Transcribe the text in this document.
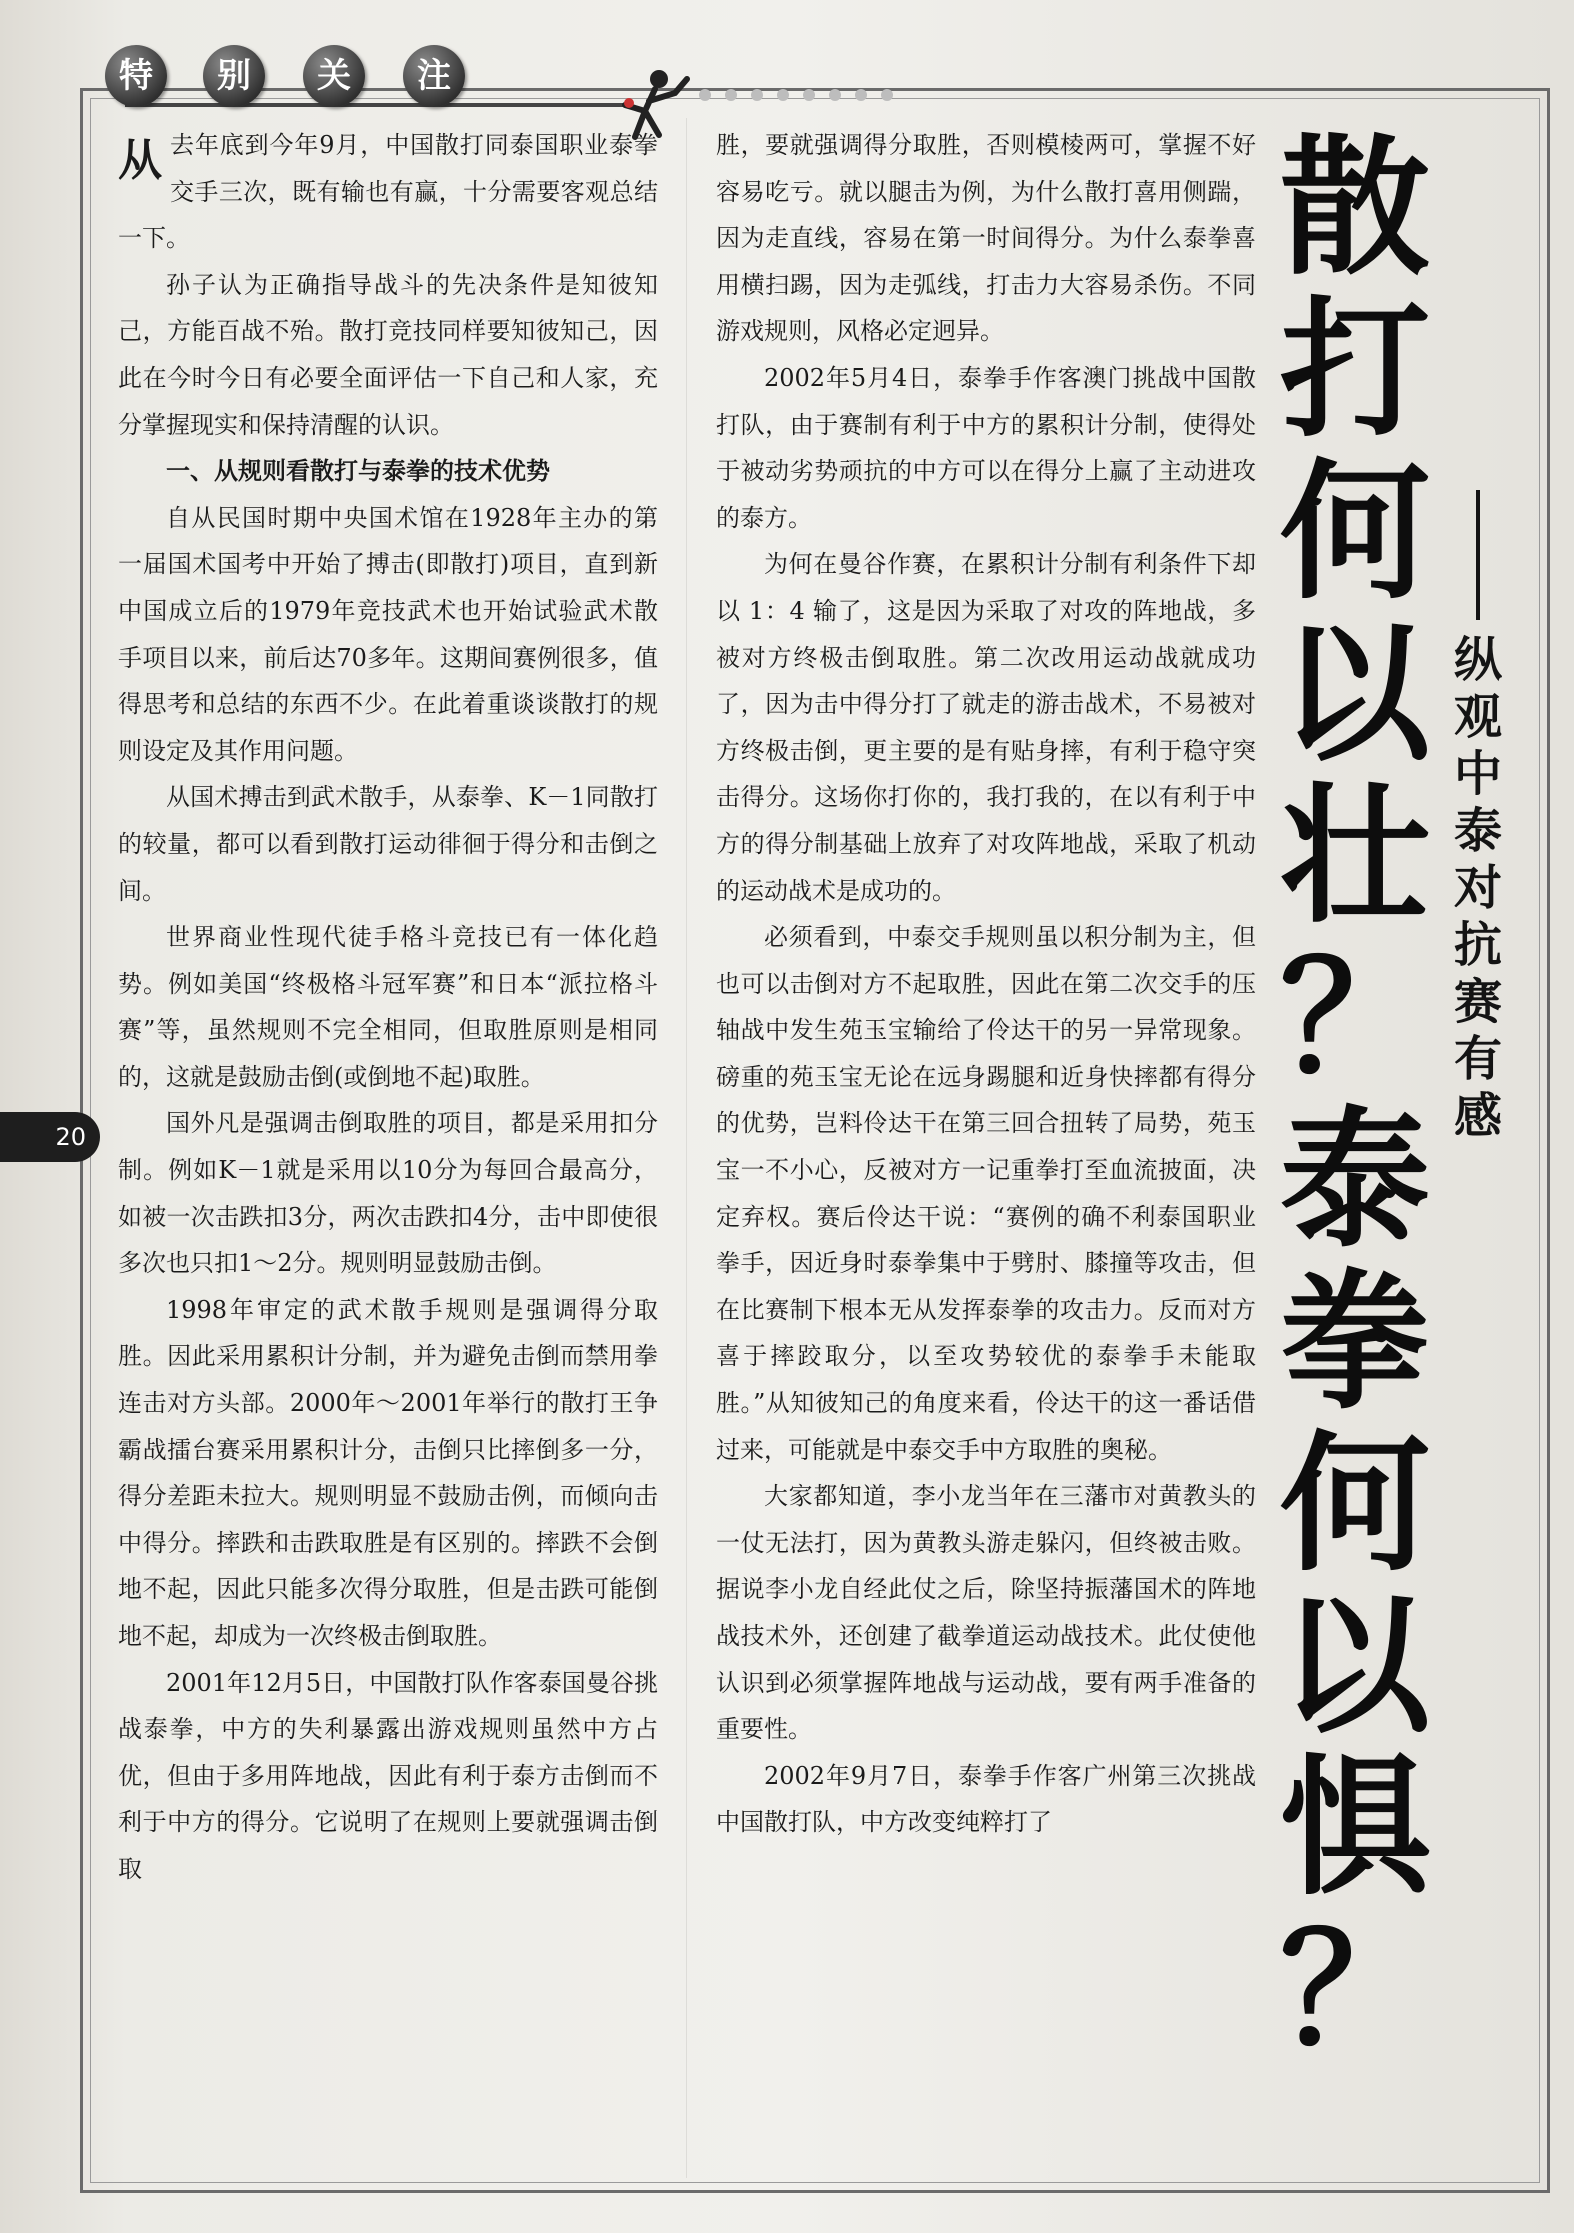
特	别	关	注
20

从去年底到今年9月，中国散打同泰国职业泰拳交手三次，既有输也有赢，十分需要客观总结一下。

孙子认为正确指导战斗的先决条件是知彼知己，方能百战不殆。散打竞技同样要知彼知己，因此在今时今日有必要全面评估一下自己和人家，充分掌握现实和保持清醒的认识。

一、从规则看散打与泰拳的技术优势

自从民国时期中央国术馆在1928年主办的第一届国术国考中开始了搏击(即散打)项目，直到新中国成立后的1979年竞技武术也开始试验武术散手项目以来，前后达70多年。这期间赛例很多，值得思考和总结的东西不少。在此着重谈谈散打的规则设定及其作用问题。

从国术搏击到武术散手，从泰拳、K－1同散打的较量，都可以看到散打运动徘徊于得分和击倒之间。

世界商业性现代徒手格斗竞技已有一体化趋势。例如美国“终极格斗冠军赛”和日本“派拉格斗赛”等，虽然规则不完全相同，但取胜原则是相同的，这就是鼓励击倒(或倒地不起)取胜。

国外凡是强调击倒取胜的项目，都是采用扣分制。例如K－1就是采用以10分为每回合最高分，如被一次击跌扣3分，两次击跌扣4分，击中即使很多次也只扣1～2分。规则明显鼓励击倒。

1998年审定的武术散手规则是强调得分取胜。因此采用累积计分制，并为避免击倒而禁用拳连击对方头部。2000年～2001年举行的散打王争霸战擂台赛采用累积计分，击倒只比摔倒多一分，得分差距未拉大。规则明显不鼓励击例，而倾向击中得分。摔跌和击跌取胜是有区别的。摔跌不会倒地不起，因此只能多次得分取胜，但是击跌可能倒地不起，却成为一次终极击倒取胜。

2001年12月5日，中国散打队作客泰国曼谷挑战泰拳，中方的失利暴露出游戏规则虽然中方占优，但由于多用阵地战，因此有利于泰方击倒而不利于中方的得分。它说明了在规则上要就强调击倒取

胜，要就强调得分取胜，否则模棱两可，掌握不好容易吃亏。就以腿击为例，为什么散打喜用侧踹，因为走直线，容易在第一时间得分。为什么泰拳喜用横扫踢，因为走弧线，打击力大容易杀伤。不同游戏规则，风格必定迥异。

2002年5月4日，泰拳手作客澳门挑战中国散打队，由于赛制有利于中方的累积计分制，使得处于被动劣势顽抗的中方可以在得分上赢了主动进攻的泰方。

为何在曼谷作赛，在累积计分制有利条件下却以 1：4 输了，这是因为采取了对攻的阵地战，多被对方终极击倒取胜。第二次改用运动战就成功了，因为击中得分打了就走的游击战术，不易被对方终极击倒，更主要的是有贴身摔，有利于稳守突击得分。这场你打你的，我打我的，在以有利于中方的得分制基础上放弃了对攻阵地战，采取了机动的运动战术是成功的。

必须看到，中泰交手规则虽以积分制为主，但也可以击倒对方不起取胜，因此在第二次交手的压轴战中发生苑玉宝输给了伶达干的另一异常现象。磅重的苑玉宝无论在远身踢腿和近身快摔都有得分的优势，岂料伶达干在第三回合扭转了局势，苑玉宝一不小心，反被对方一记重拳打至血流披面，决定弃权。赛后伶达干说：“赛例的确不利泰国职业拳手，因近身时泰拳集中于劈肘、膝撞等攻击，但在比赛制下根本无从发挥泰拳的攻击力。反而对方喜于摔跤取分，以至攻势较优的泰拳手未能取胜。”从知彼知己的角度来看，伶达干的这一番话借过来，可能就是中泰交手中方取胜的奥秘。

大家都知道，李小龙当年在三藩市对黄教头的一仗无法打，因为黄教头游走躲闪，但终被击败。据说李小龙自经此仗之后，除坚持振藩国术的阵地战技术外，还创建了截拳道运动战技术。此仗使他认识到必须掌握阵地战与运动战，要有两手准备的重要性。

2002年9月7日，泰拳手作客广州第三次挑战中国散打队，中方改变纯粹打了

散
打
何
以
壮
？
泰
拳
何
以
惧
？
纵
观
中
泰
对
抗
赛
有
感
